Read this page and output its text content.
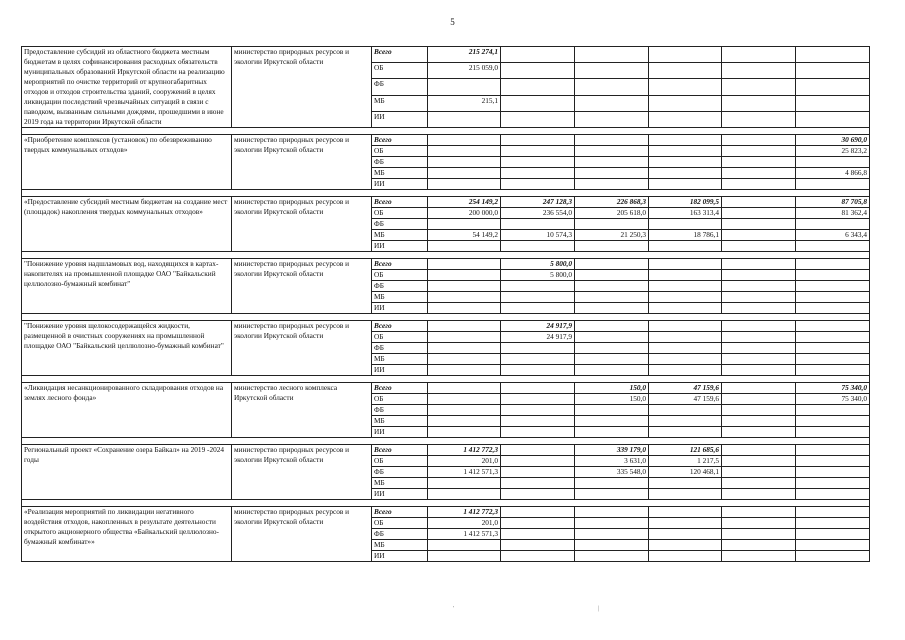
5
Предоставление субсидий из областного бюджета местным бюджетам в целях софинансирования расходных обязательств муниципальных образований Иркутской области на реализацию мероприятий по очистке территорий от крупногабаритных отходов и отходов строительства зданий, сооружений в целях ликвидации последствий чрезвычайных ситуаций в связи с паводком, вызванным сильными дождями, прошедшими в июне 2019 года на территории Иркутской области	министерство природных ресурсов и экологии Иркутской области	Всего	215 274,1						
		ОБ	215 059,0						
		ФБ							
		МБ	215,1						
		ИИ							

«Приобретение комплексов (установок) по обезвреживанию твердых коммунальных отходов»	министерство природных ресурсов и экологии Иркутской области	Всего						30 690,0	
		ОБ						25 823,2	
		ФБ							
		МБ						4 866,8	
		ИИ							

«Предоставление субсидий местным бюджетам на создание мест (площадок) накопления твердых коммунальных отходов»	министерство природных ресурсов и экологии Иркутской области	Всего	254 149,2	247 128,3	226 868,3	182 099,5		87 705,8	
		ОБ	200 000,0	236 554,0	205 618,0	163 313,4		81 362,4	
		ФБ							
		МБ	54 149,2	10 574,3	21 250,3	18 786,1		6 343,4	
		ИИ							

"Понижение уровня надшламовых вод, находящихся в картах-накопителях на промышленной площадке ОАО "Байкальский целлюлозно-бумажный комбинат"	министерство природных ресурсов и экологии Иркутской области	Всего		5 800,0					
		ОБ		5 800,0					
		ФБ							
		МБ							
		ИИ							

"Понижение уровня щелокосодержащейся жидкости, размещенной в очистных сооружениях на промышленной площадке ОАО "Байкальский целлюлозно-бумажный комбинат"	министерство природных ресурсов и экологии Иркутской области	Всего		24 917,9					
		ОБ		24 917,9					
		ФБ							
		МБ							
		ИИ							

«Ликвидация несанкционированного складирования отходов на землях лесного фонда»	министерство лесного комплекса Иркутской области	Всего			150,0	47 159,6		75 340,0	
		ОБ			150,0	47 159,6		75 340,0	
		ФБ							
		МБ							
		ИИ							

Региональный проект «Сохранение озера Байкал» на 2019 -2024 годы	министерство природных ресурсов и экологии Иркутской области	Всего	1 412 772,3		339 179,0	121 685,6			
		ОБ	201,0		3 631,0	1 217,5			
		ФБ	1 412 571,3		335 548,0	120 468,1			
		МБ							
		ИИ							

«Реализация мероприятий по ликвидации негативного воздействия отходов, накопленных в результате деятельности открытого акционерного общества «Байкальский целлюлозно-бумажный комбинат»»	министерство природных ресурсов и экологии Иркутской области	Всего	1 412 772,3						
		ОБ	201,0						
		ФБ	1 412 571,3						
		МБ							
		ИИ							
'	|
